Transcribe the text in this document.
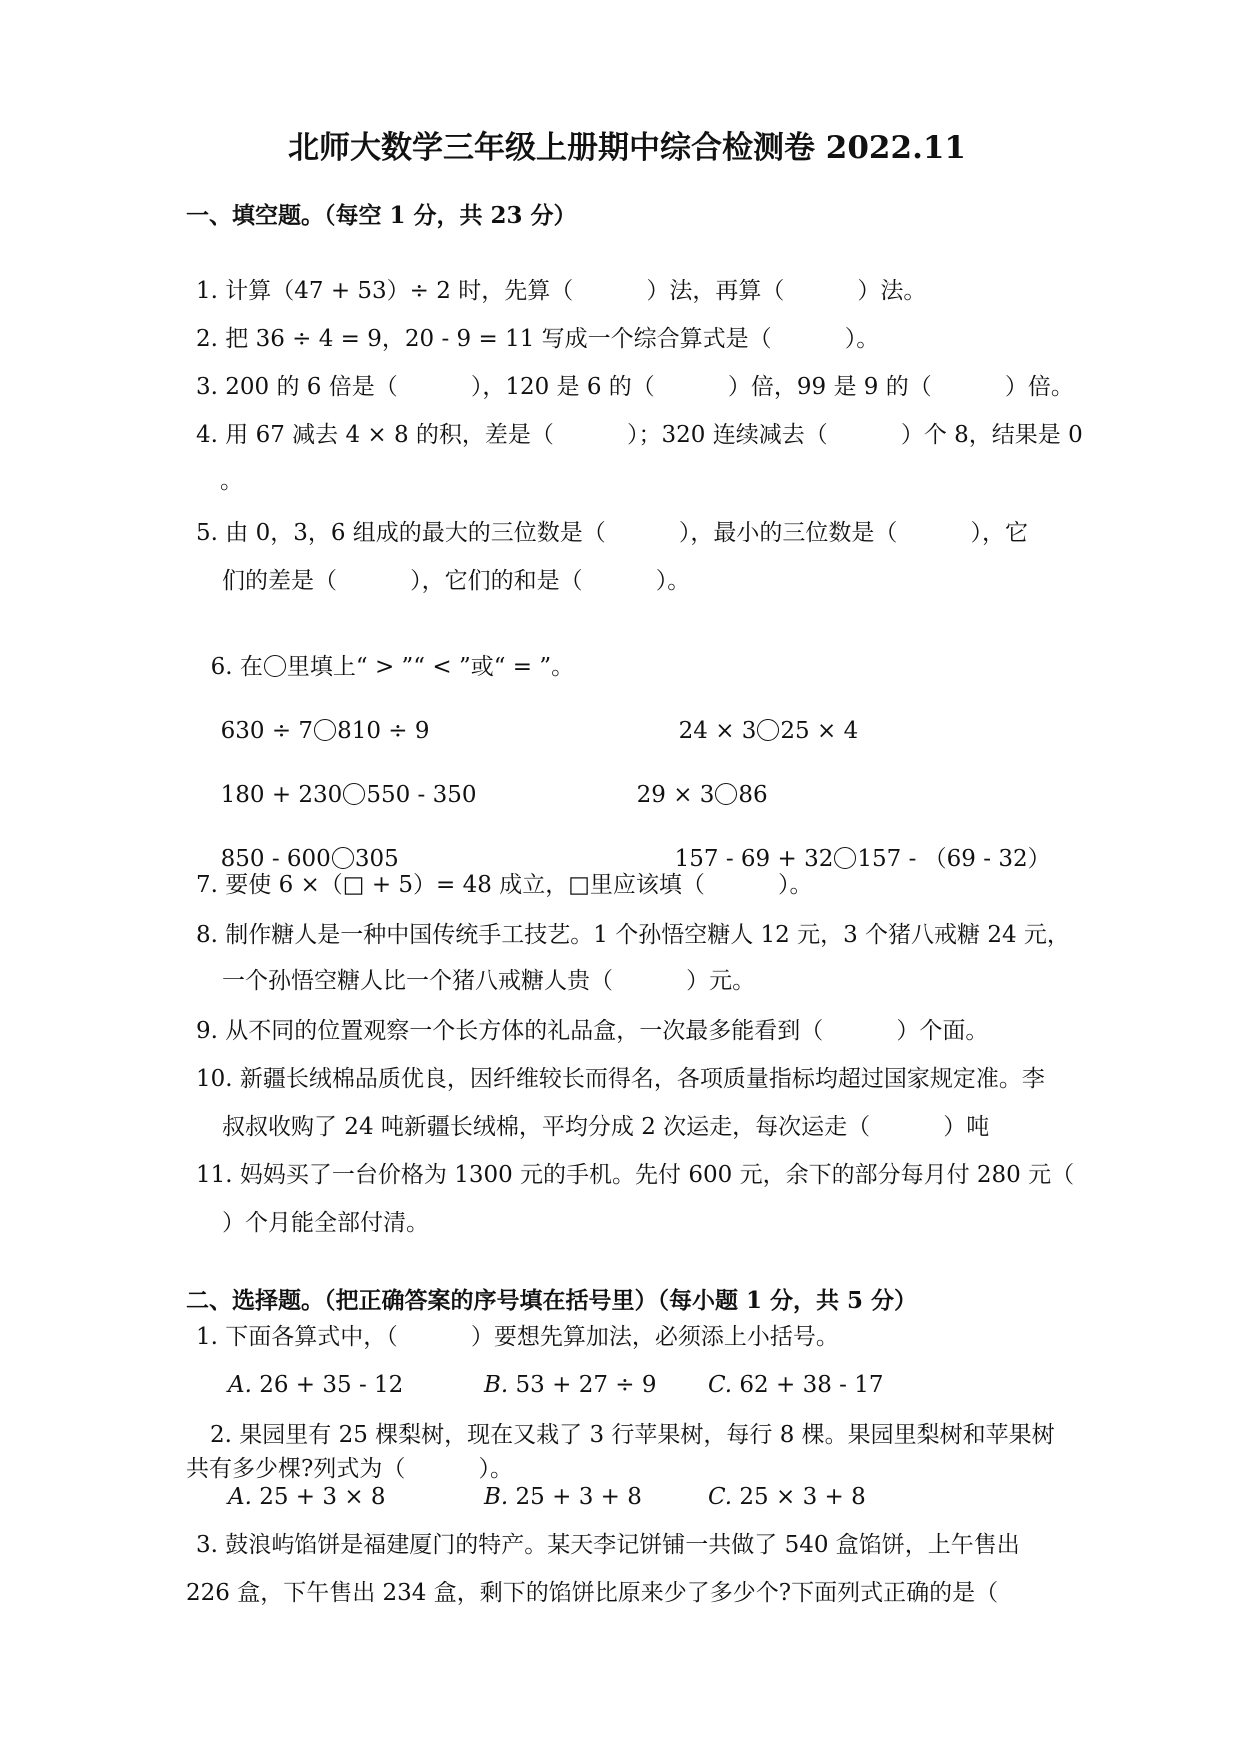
北师大数学三年级上册期中综合检测卷 2022.11
一、填空题。（每空 1 分，共 23 分）
1. 计算（47 + 53）÷ 2 时，先算（          ）法，再算（          ）法。
2. 把 36 ÷ 4 = 9，20 - 9 = 11 写成一个综合算式是（          ）。
3. 200 的 6 倍是（          ），120 是 6 的（          ）倍，99 是 9 的（          ）倍。
4. 用 67 减去 4 × 8 的积，差是（          ）；320 连续减去（          ）个 8，结果是 0
。
5. 由 0，3，6 组成的最大的三位数是（          ），最小的三位数是（          ），它
们的差是（          ），它们的和是（          ）。

6. 在 里填上“ > ”“ < ”或“ = ”。

630 ÷ 7 810 ÷ 9	24 × 3 25 × 4

180 + 230 550 - 350	29 × 3 86

850 - 600 305	157 - 69 + 32 157 - （69 - 32）

7. 要使 6 ×（□ + 5）= 48 成立，□里应该填（          ）。
8. 制作糖人是一种中国传统手工技艺。1 个孙悟空糖人 12 元，3 个猪八戒糖 24 元，
一个孙悟空糖人比一个猪八戒糖人贵（          ）元。
9. 从不同的位置观察一个长方体的礼品盒，一次最多能看到（          ）个面。
10. 新疆长绒棉品质优良，因纤维较长而得名，各项质量指标均超过国家规定准。李
叔叔收购了 24 吨新疆长绒棉，平均分成 2 次运走，每次运走（          ）吨
11. 妈妈买了一台价格为 1300 元的手机。先付 600 元，余下的部分每月付 280 元（
）个月能全部付清。
二、选择题。（把正确答案的序号填在括号里）（每小题 1 分，共 5 分）
1. 下面各算式中，（          ）要想先算加法，必须添上小括号。
A. 26 + 35 - 12	B. 53 + 27 ÷ 9 C. 62 + 38 - 17
2. 果园里有 25 棵梨树，现在又栽了 3 行苹果树，每行 8 棵。果园里梨树和苹果树
共有多少棵?列式为（          ）。
A. 25 + 3 × 8	B. 25 + 3 + 8	C. 25 × 3 + 8
3. 鼓浪屿馅饼是福建厦门的特产。某天李记饼铺一共做了 540 盒馅饼，上午售出
226 盒，下午售出 234 盒，剩下的馅饼比原来少了多少个?下面列式正确的是（
